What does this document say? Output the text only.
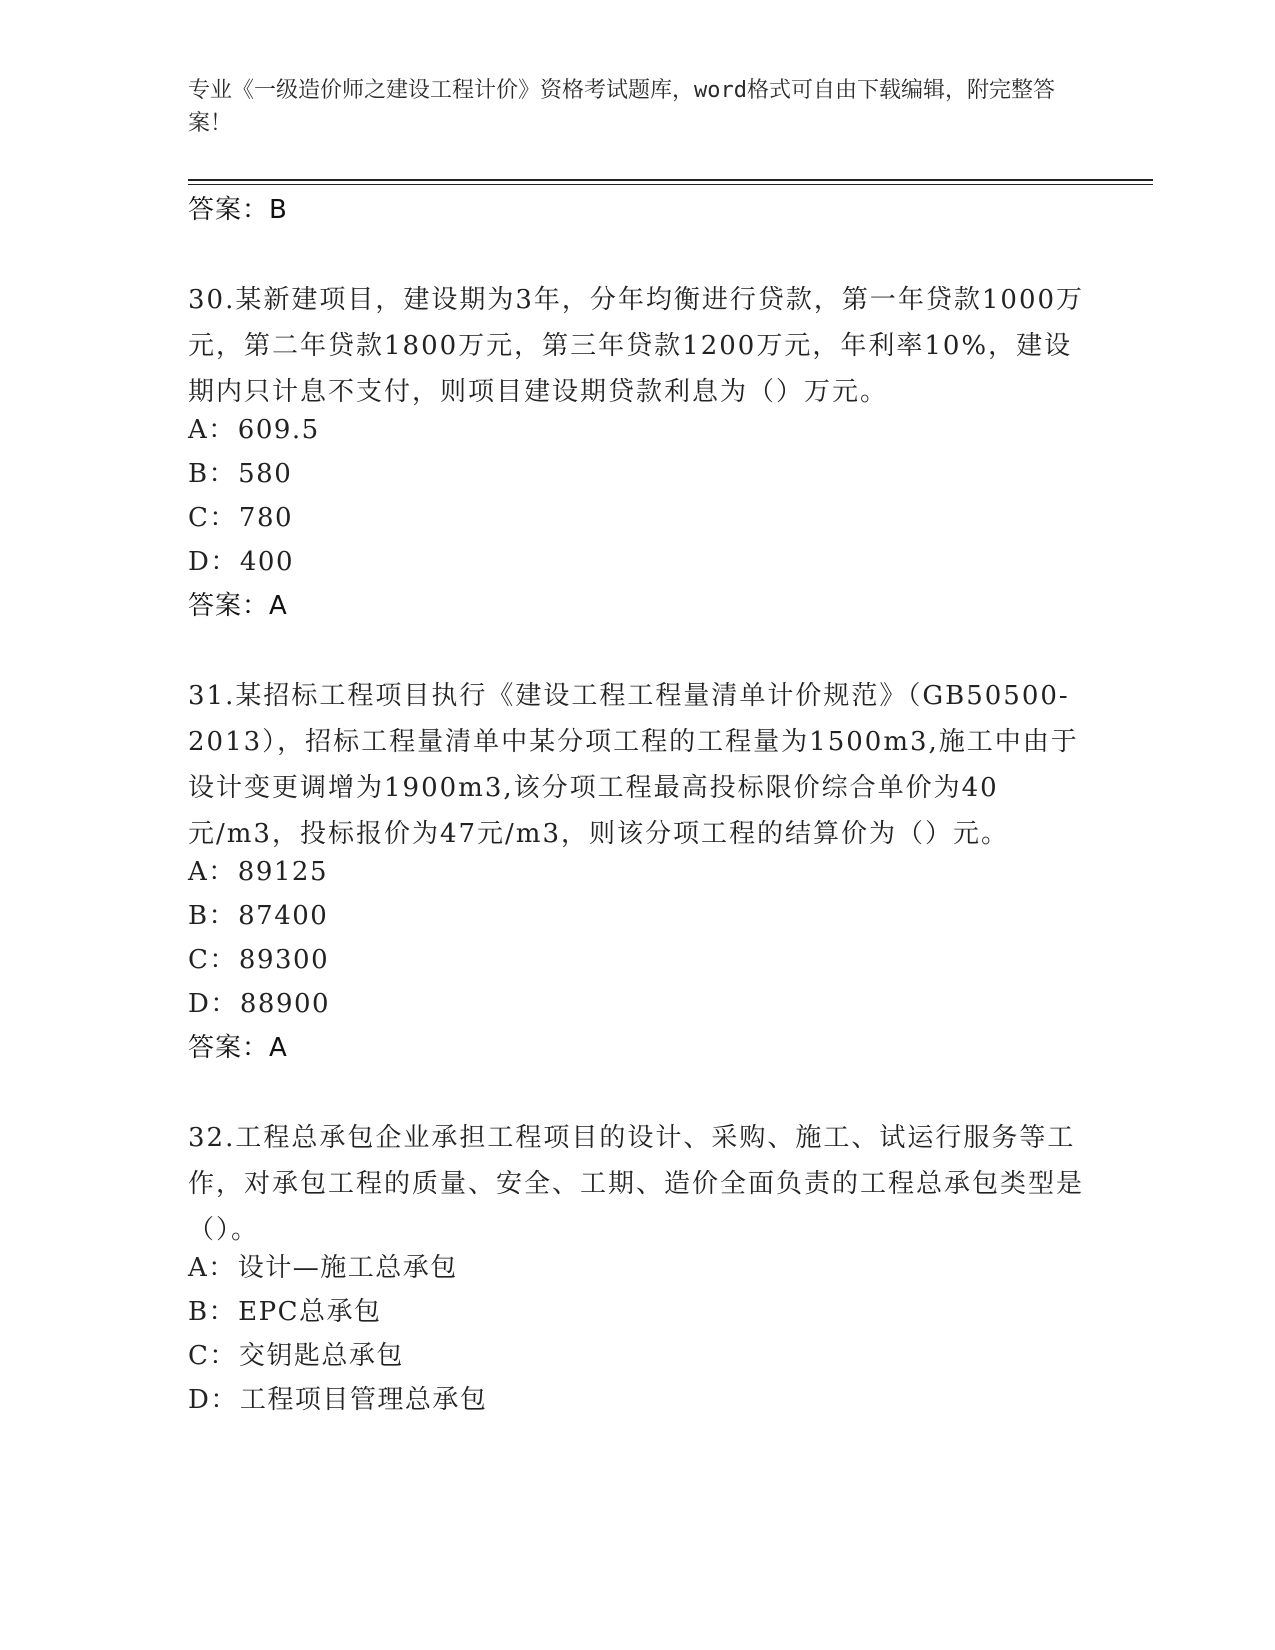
专业《一级造价师之建设工程计价》资格考试题库，word格式可自由下载编辑，附完整答案！
答案：B
30.某新建项目，建设期为3年，分年均衡进行贷款，第一年贷款1000万元，第二年贷款1800万元，第三年贷款1200万元，年利率10%，建设期内只计息不支付，则项目建设期贷款利息为（）万元。
A：609.5
B：580
C：780
D：400
答案：A
31.某招标工程项目执行《建设工程工程量清单计价规范》（GB50500-2013），招标工程量清单中某分项工程的工程量为1500m3,施工中由于设计变更调增为1900m3,该分项工程最高投标限价综合单价为40元/m3，投标报价为47元/m3，则该分项工程的结算价为（）元。
A：89125
B：87400
C：89300
D：88900
答案：A
32.工程总承包企业承担工程项目的设计、采购、施工、试运行服务等工作，对承包工程的质量、安全、工期、造价全面负责的工程总承包类型是（）。
A：设计—施工总承包
B：EPC总承包
C：交钥匙总承包
D：工程项目管理总承包
